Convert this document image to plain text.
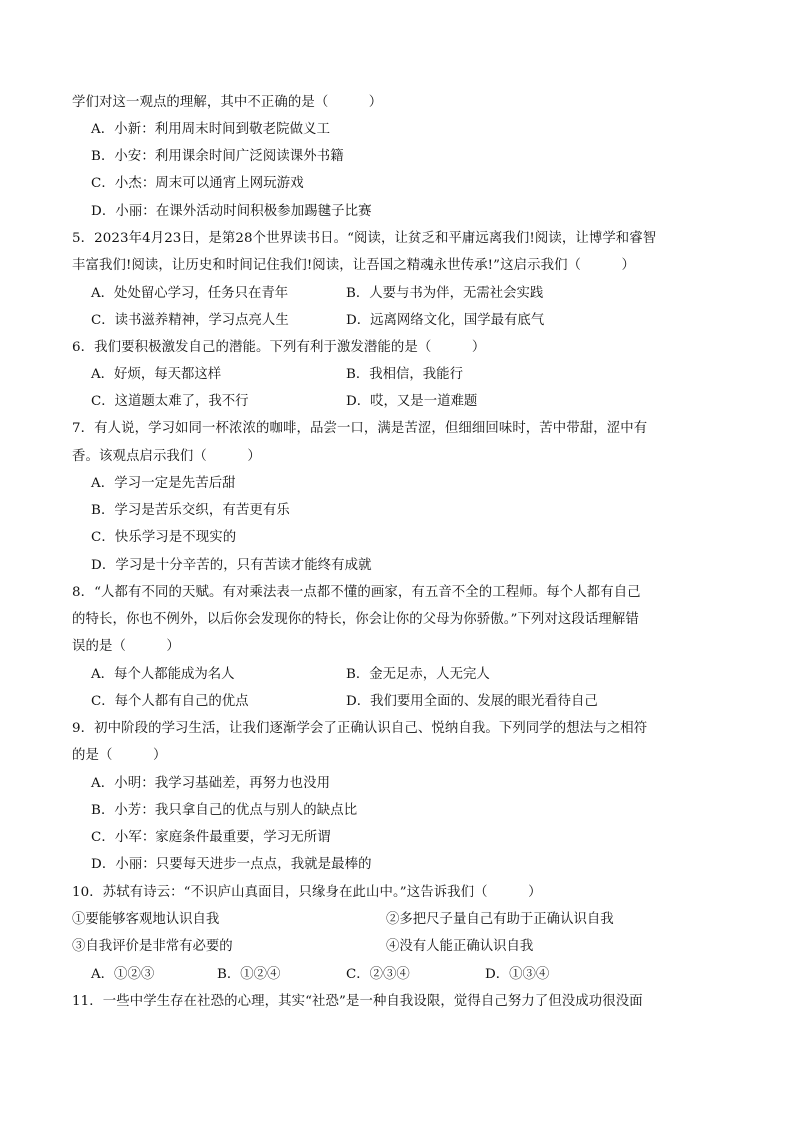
学们对这一观点的理解，其中不正确的是（　　　）
A．小新：利用周末时间到敬老院做义工
B．小安：利用课余时间广泛阅读课外书籍
C．小杰：周末可以通宵上网玩游戏
D．小丽：在课外活动时间积极参加踢毽子比赛
5．2023年4月23日，是第28个世界读书日。“阅读，让贫乏和平庸远离我们!阅读，让博学和睿智
丰富我们!阅读，让历史和时间记住我们!阅读，让吾国之精魂永世传承!”这启示我们（　　　）
A．处处留心学习，任务只在青年	B．人要与书为伴，无需社会实践
C．读书滋养精神，学习点亮人生	D．远离网络文化，国学最有底气
6．我们要积极激发自己的潜能。下列有利于激发潜能的是（　　　）
A．好烦，每天都这样	B．我相信，我能行
C．这道题太难了，我不行	D．哎，又是一道难题
7．有人说，学习如同一杯浓浓的咖啡，品尝一口，满是苦涩，但细细回味时，苦中带甜，涩中有
香。该观点启示我们（　　　）
A．学习一定是先苦后甜
B．学习是苦乐交织，有苦更有乐
C．快乐学习是不现实的
D．学习是十分辛苦的，只有苦读才能终有成就
8．“人都有不同的天赋。有对乘法表一点都不懂的画家，有五音不全的工程师。每个人都有自己
的特长，你也不例外，以后你会发现你的特长，你会让你的父母为你骄傲。”下列对这段话理解错
误的是（　　　）
A．每个人都能成为名人	B．金无足赤，人无完人
C．每个人都有自己的优点	D．我们要用全面的、发展的眼光看待自己
9．初中阶段的学习生活，让我们逐渐学会了正确认识自己、悦纳自我。下列同学的想法与之相符
的是（　　　）
A．小明：我学习基础差，再努力也没用
B．小芳：我只拿自己的优点与别人的缺点比
C．小军：家庭条件最重要，学习无所谓
D．小丽：只要每天进步一点点，我就是最棒的
10．苏轼有诗云：“不识庐山真面目，只缘身在此山中。”这告诉我们（　　　）
①要能够客观地认识自我	②多把尺子量自己有助于正确认识自我
③自我评价是非常有必要的	④没有人能正确认识自我
A．①②③	B．①②④	C．②③④	D．①③④
11．一些中学生存在社恐的心理，其实“社恐”是一种自我设限，觉得自己努力了但没成功很没面
